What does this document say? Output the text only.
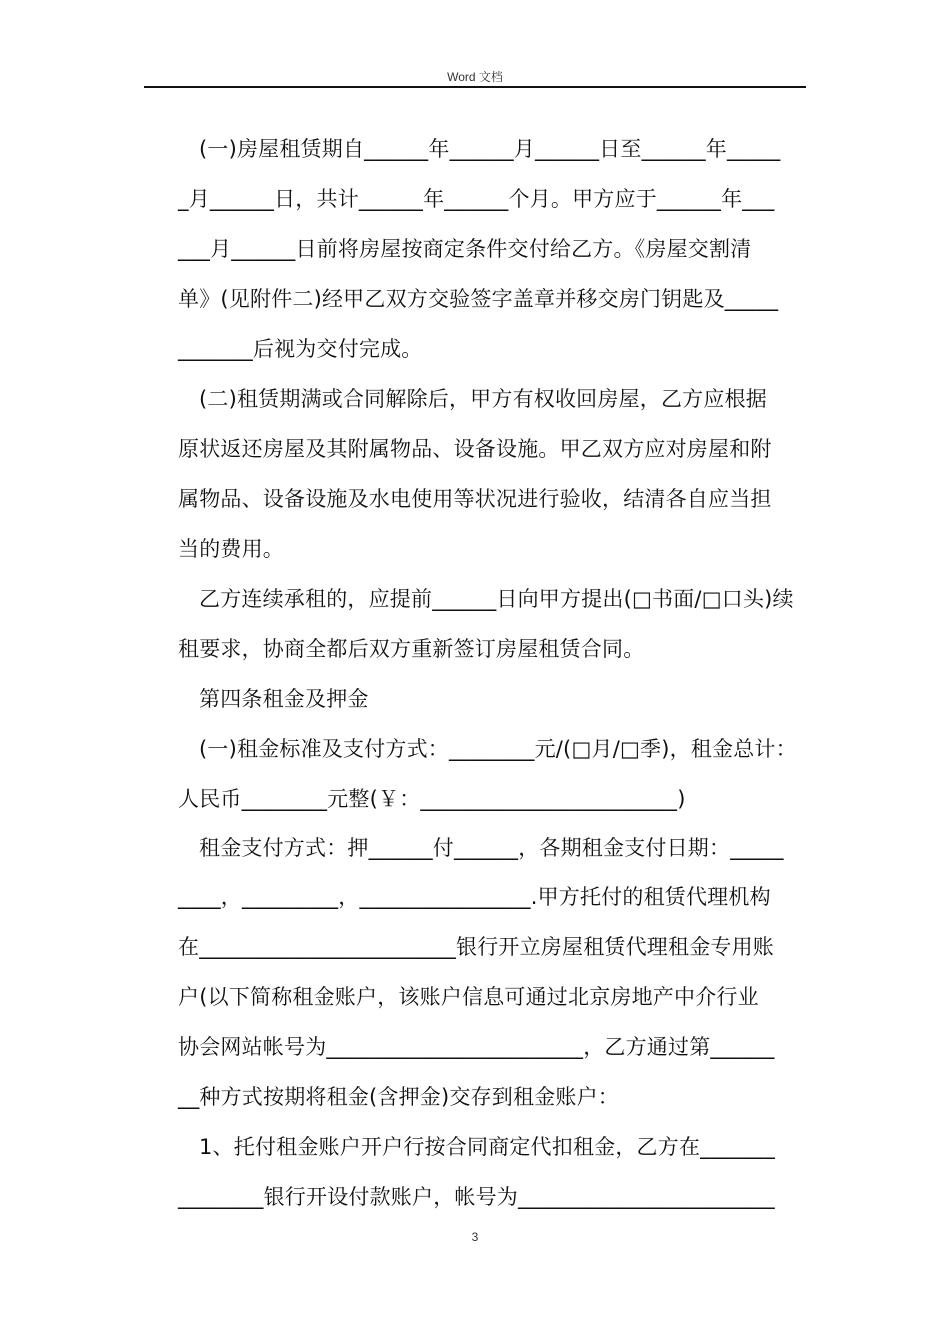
Word 文档
(一)房屋租赁期自______年______月______日至______年_____
_月______日，共计______年______个月。甲方应于______年___
___月______日前将房屋按商定条件交付给乙方。《房屋交割清
单》(见附件二)经甲乙双方交验签字盖章并移交房门钥匙及_____
_______后视为交付完成。
(二)租赁期满或合同解除后，甲方有权收回房屋，乙方应根据
原状返还房屋及其附属物品、设备设施。甲乙双方应对房屋和附
属物品、设备设施及水电使用等状况进行验收，结清各自应当担
当的费用。
乙方连续承租的，应提前______日向甲方提出(□书面/□口头)续
租要求，协商全都后双方重新签订房屋租赁合同。
第四条租金及押金
(一)租金标准及支付方式：________元/(□月/□季)，租金总计：
人民币________元整(￥：________________________)
租金支付方式：押______付______，各期租金支付日期：_____
____，_________，________________.甲方托付的租赁代理机构
在________________________银行开立房屋租赁代理租金专用账
户(以下简称租金账户，该账户信息可通过北京房地产中介行业
协会网站帐号为________________________，乙方通过第______
__种方式按期将租金(含押金)交存到租金账户：
1、托付租金账户开户行按合同商定代扣租金，乙方在_______
________银行开设付款账户，帐号为________________________
3
